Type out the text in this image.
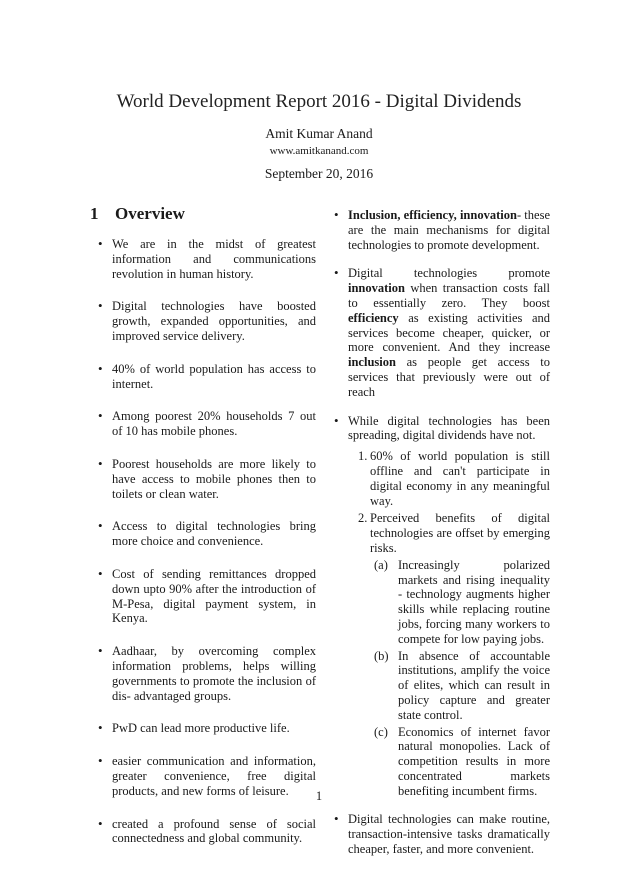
World Development Report 2016 - Digital Dividends
Amit Kumar Anand
www.amitkanand.com
September 20, 2016
1 Overview
• We are in the midst of greatest information and communications revolution in human history.
• Digital technologies have boosted growth, expanded opportunities, and improved service delivery.
• 40% of world population has access to internet.
• Among poorest 20% households 7 out of 10 has mobile phones.
• Poorest households are more likely to have access to mobile phones then to toilets or clean water.
• Access to digital technologies bring more choice and convenience.
• Cost of sending remittances dropped down upto 90% after the introduction of M-Pesa, digital payment system, in Kenya.
• Aadhaar, by overcoming complex information problems, helps willing governments to promote the inclusion of dis- advantaged groups.
• PwD can lead more productive life.
• easier communication and information, greater convenience, free digital products, and new forms of leisure.
• created a profound sense of social connectedness and global community.
• Inclusion, efficiency, innovation- these are the main mechanisms for digital technologies to promote development.
• Digital technologies promote innovation when transaction costs fall to essentially zero. They boost efficiency as existing activities and services become cheaper, quicker, or more convenient. And they increase inclusion as people get access to services that previously were out of reach
• While digital technologies has been spreading, digital dividends have not.
1. 60% of world population is still offline and can't participate in digital economy in any meaningful way.
2. Perceived benefits of digital technologies are offset by emerging risks.
(a) Increasingly polarized markets and rising inequality - technology augments higher skills while replacing routine jobs, forcing many workers to compete for low paying jobs.
(b) In absence of accountable institutions, amplify the voice of elites, which can result in policy capture and greater state control.
(c) Economics of internet favor natural monopolies. Lack of competition results in more concentrated markets benefiting incumbent firms.
• Digital technologies can make routine, transaction-intensive tasks dramatically cheaper, faster, and more convenient.
1
